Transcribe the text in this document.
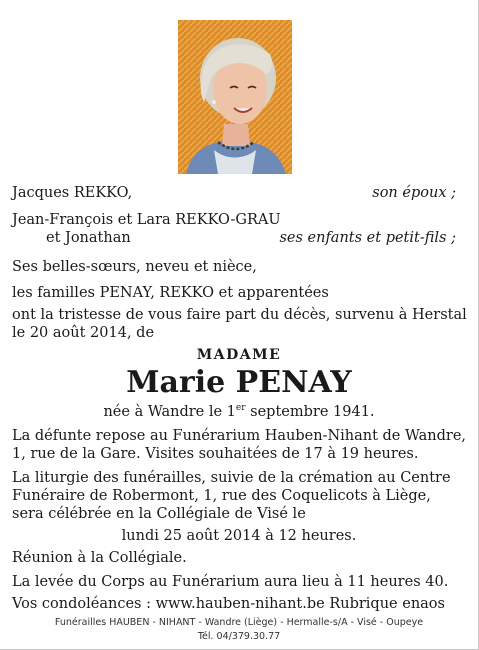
Jacques REKKO,	son époux ;
Jean-François et Lara REKKO-GRAU
et Jonathan	ses enfants et petit-fils ;
Ses belles-sœurs, neveu et nièce,
les familles PENAY, REKKO et apparentées
ont la tristesse de vous faire part du décès, survenu à Herstal
le 20 août 2014, de
MADAME
Marie PENAY
née à Wandre le 1er septembre 1941.
La défunte repose au Funérarium Hauben-Nihant de Wandre,
1, rue de la Gare. Visites souhaitées de 17 à 19 heures.
La liturgie des funérailles, suivie de la crémation au Centre
Funéraire de Robermont, 1, rue des Coquelicots à Liège,
sera célébrée en la Collégiale de Visé le
lundi 25 août 2014 à 12 heures.
Réunion à la Collégiale.
La levée du Corps au Funérarium aura lieu à 11 heures 40.
Vos condoléances : www.hauben-nihant.be Rubrique enaos
Funérailles HAUBEN - NIHANT - Wandre (Liège) - Hermalle-s/A - Visé - Oupeye
Tél. 04/379.30.77
